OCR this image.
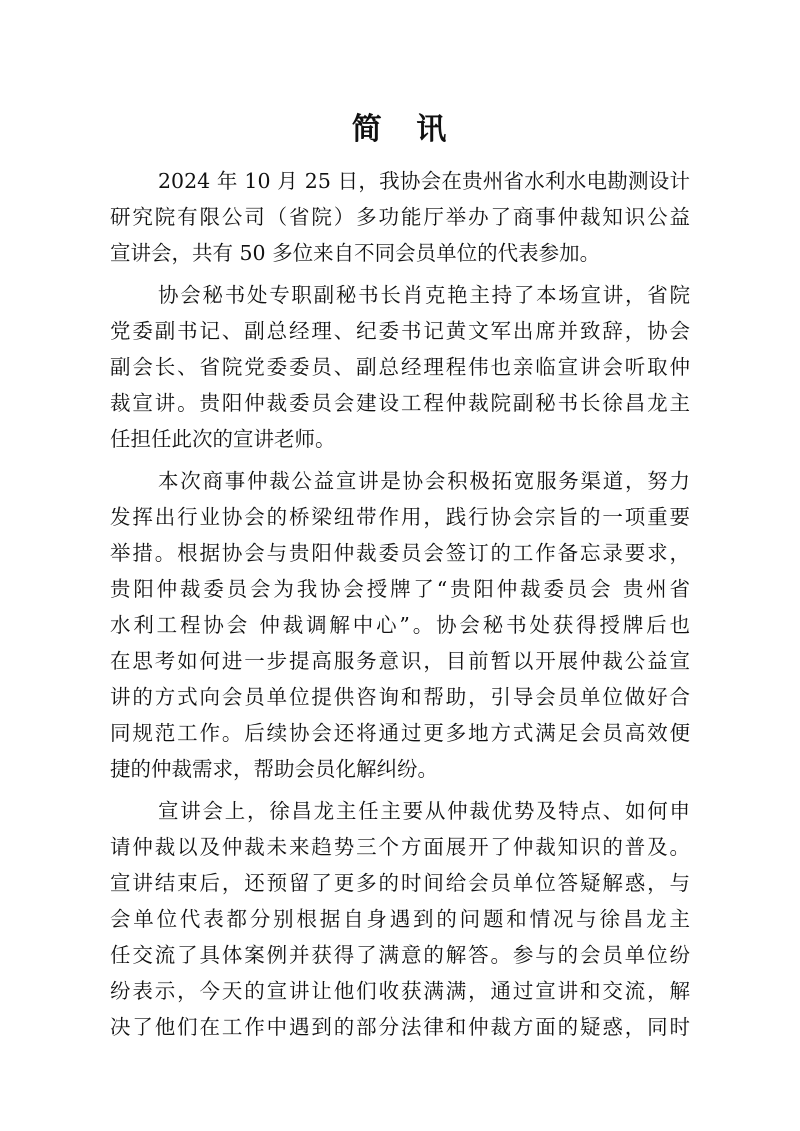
简 讯
2024 年 10 月 25 日，我协会在贵州省水利水电勘测设计
研究院有限公司（省院）多功能厅举办了商事仲裁知识公益
宣讲会，共有 50 多位来自不同会员单位的代表参加。
协会秘书处专职副秘书长肖克艳主持了本场宣讲，省院
党委副书记、副总经理、纪委书记黄文军出席并致辞，协会
副会长、省院党委委员、副总经理程伟也亲临宣讲会听取仲
裁宣讲。贵阳仲裁委员会建设工程仲裁院副秘书长徐昌龙主
任担任此次的宣讲老师。
本次商事仲裁公益宣讲是协会积极拓宽服务渠道，努力
发挥出行业协会的桥梁纽带作用，践行协会宗旨的一项重要
举措。根据协会与贵阳仲裁委员会签订的工作备忘录要求，
贵阳仲裁委员会为我协会授牌了“贵阳仲裁委员会 贵州省
水利工程协会 仲裁调解中心”。协会秘书处获得授牌后也
在思考如何进一步提高服务意识，目前暂以开展仲裁公益宣
讲的方式向会员单位提供咨询和帮助，引导会员单位做好合
同规范工作。后续协会还将通过更多地方式满足会员高效便
捷的仲裁需求，帮助会员化解纠纷。
宣讲会上，徐昌龙主任主要从仲裁优势及特点、如何申
请仲裁以及仲裁未来趋势三个方面展开了仲裁知识的普及。
宣讲结束后，还预留了更多的时间给会员单位答疑解惑，与
会单位代表都分别根据自身遇到的问题和情况与徐昌龙主
任交流了具体案例并获得了满意的解答。参与的会员单位纷
纷表示，今天的宣讲让他们收获满满，通过宣讲和交流，解
决了他们在工作中遇到的部分法律和仲裁方面的疑惑，同时
